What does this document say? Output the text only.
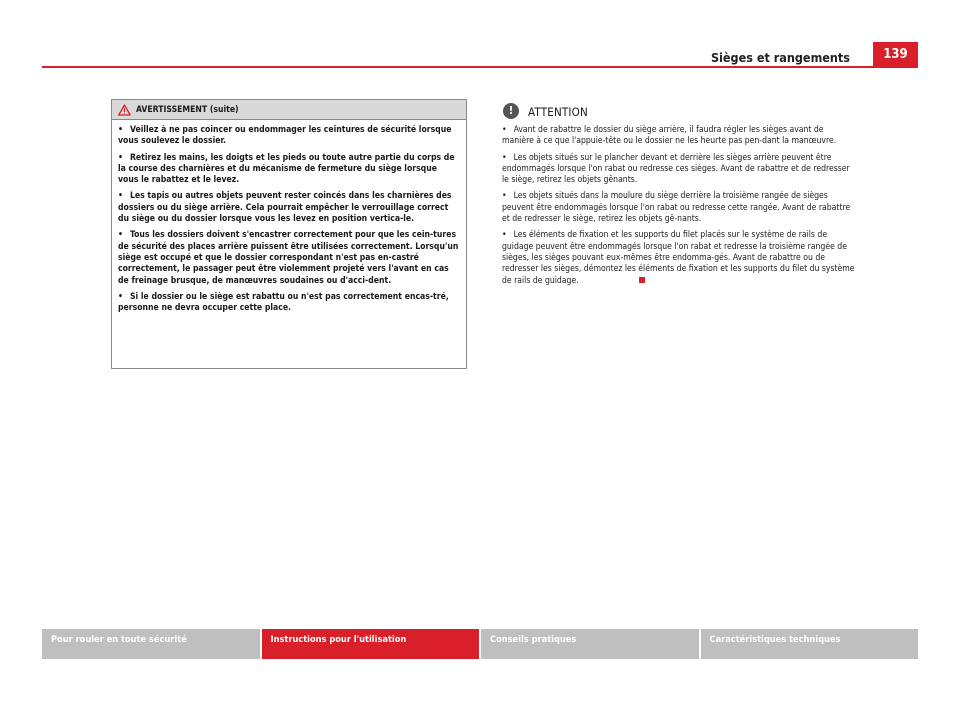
Sièges et rangements	139
AVERTISSEMENT (suite)

• Veillez à ne pas coincer ou endommager les ceintures de sécurité lorsque vous soulevez le dossier.

• Retirez les mains, les doigts et les pieds ou toute autre partie du corps de la course des charnières et du mécanisme de fermeture du siège lorsque vous le rabattez et le levez.

• Les tapis ou autres objets peuvent rester coincés dans les charnières des dossiers ou du siège arrière. Cela pourrait empêcher le verrouillage correct du siège ou du dossier lorsque vous les levez en position vertica-le.

• Tous les dossiers doivent s'encastrer correctement pour que les cein-tures de sécurité des places arrière puissent être utilisées correctement. Lorsqu'un siège est occupé et que le dossier correspondant n'est pas en-castré correctement, le passager peut être violemment projeté vers l'avant en cas de freinage brusque, de manœuvres soudaines ou d'acci-dent.

• Si le dossier ou le siège est rabattu ou n'est pas correctement encas-tré, personne ne devra occuper cette place.

!	ATTENTION

• Avant de rabattre le dossier du siège arrière, il faudra régler les sièges avant de manière à ce que l'appuie-tête ou le dossier ne les heurte pas pen-dant la manœuvre.

• Les objets situés sur le plancher devant et derrière les sièges arrière peuvent être endommagés lorsque l'on rabat ou redresse ces sièges. Avant de rabattre et de redresser le siège, retirez les objets gênants.

• Les objets situés dans la moulure du siège derrière la troisième rangée de sièges peuvent être endommagés lorsque l'on rabat ou redresse cette rangée. Avant de rabattre et de redresser le siège, retirez les objets gê-nants.

• Les éléments de fixation et les supports du filet placés sur le système de rails de guidage peuvent être endommagés lorsque l'on rabat et redresse la troisième rangée de sièges, les sièges pouvant eux-mêmes être endomma-gés. Avant de rabattre ou de redresser les sièges, démontez les éléments de fixation et les supports du filet du système de rails de guidage.

Pour rouler en toute sécurité	Instructions pour l'utilisation	Conseils pratiques	Caractéristiques techniques
